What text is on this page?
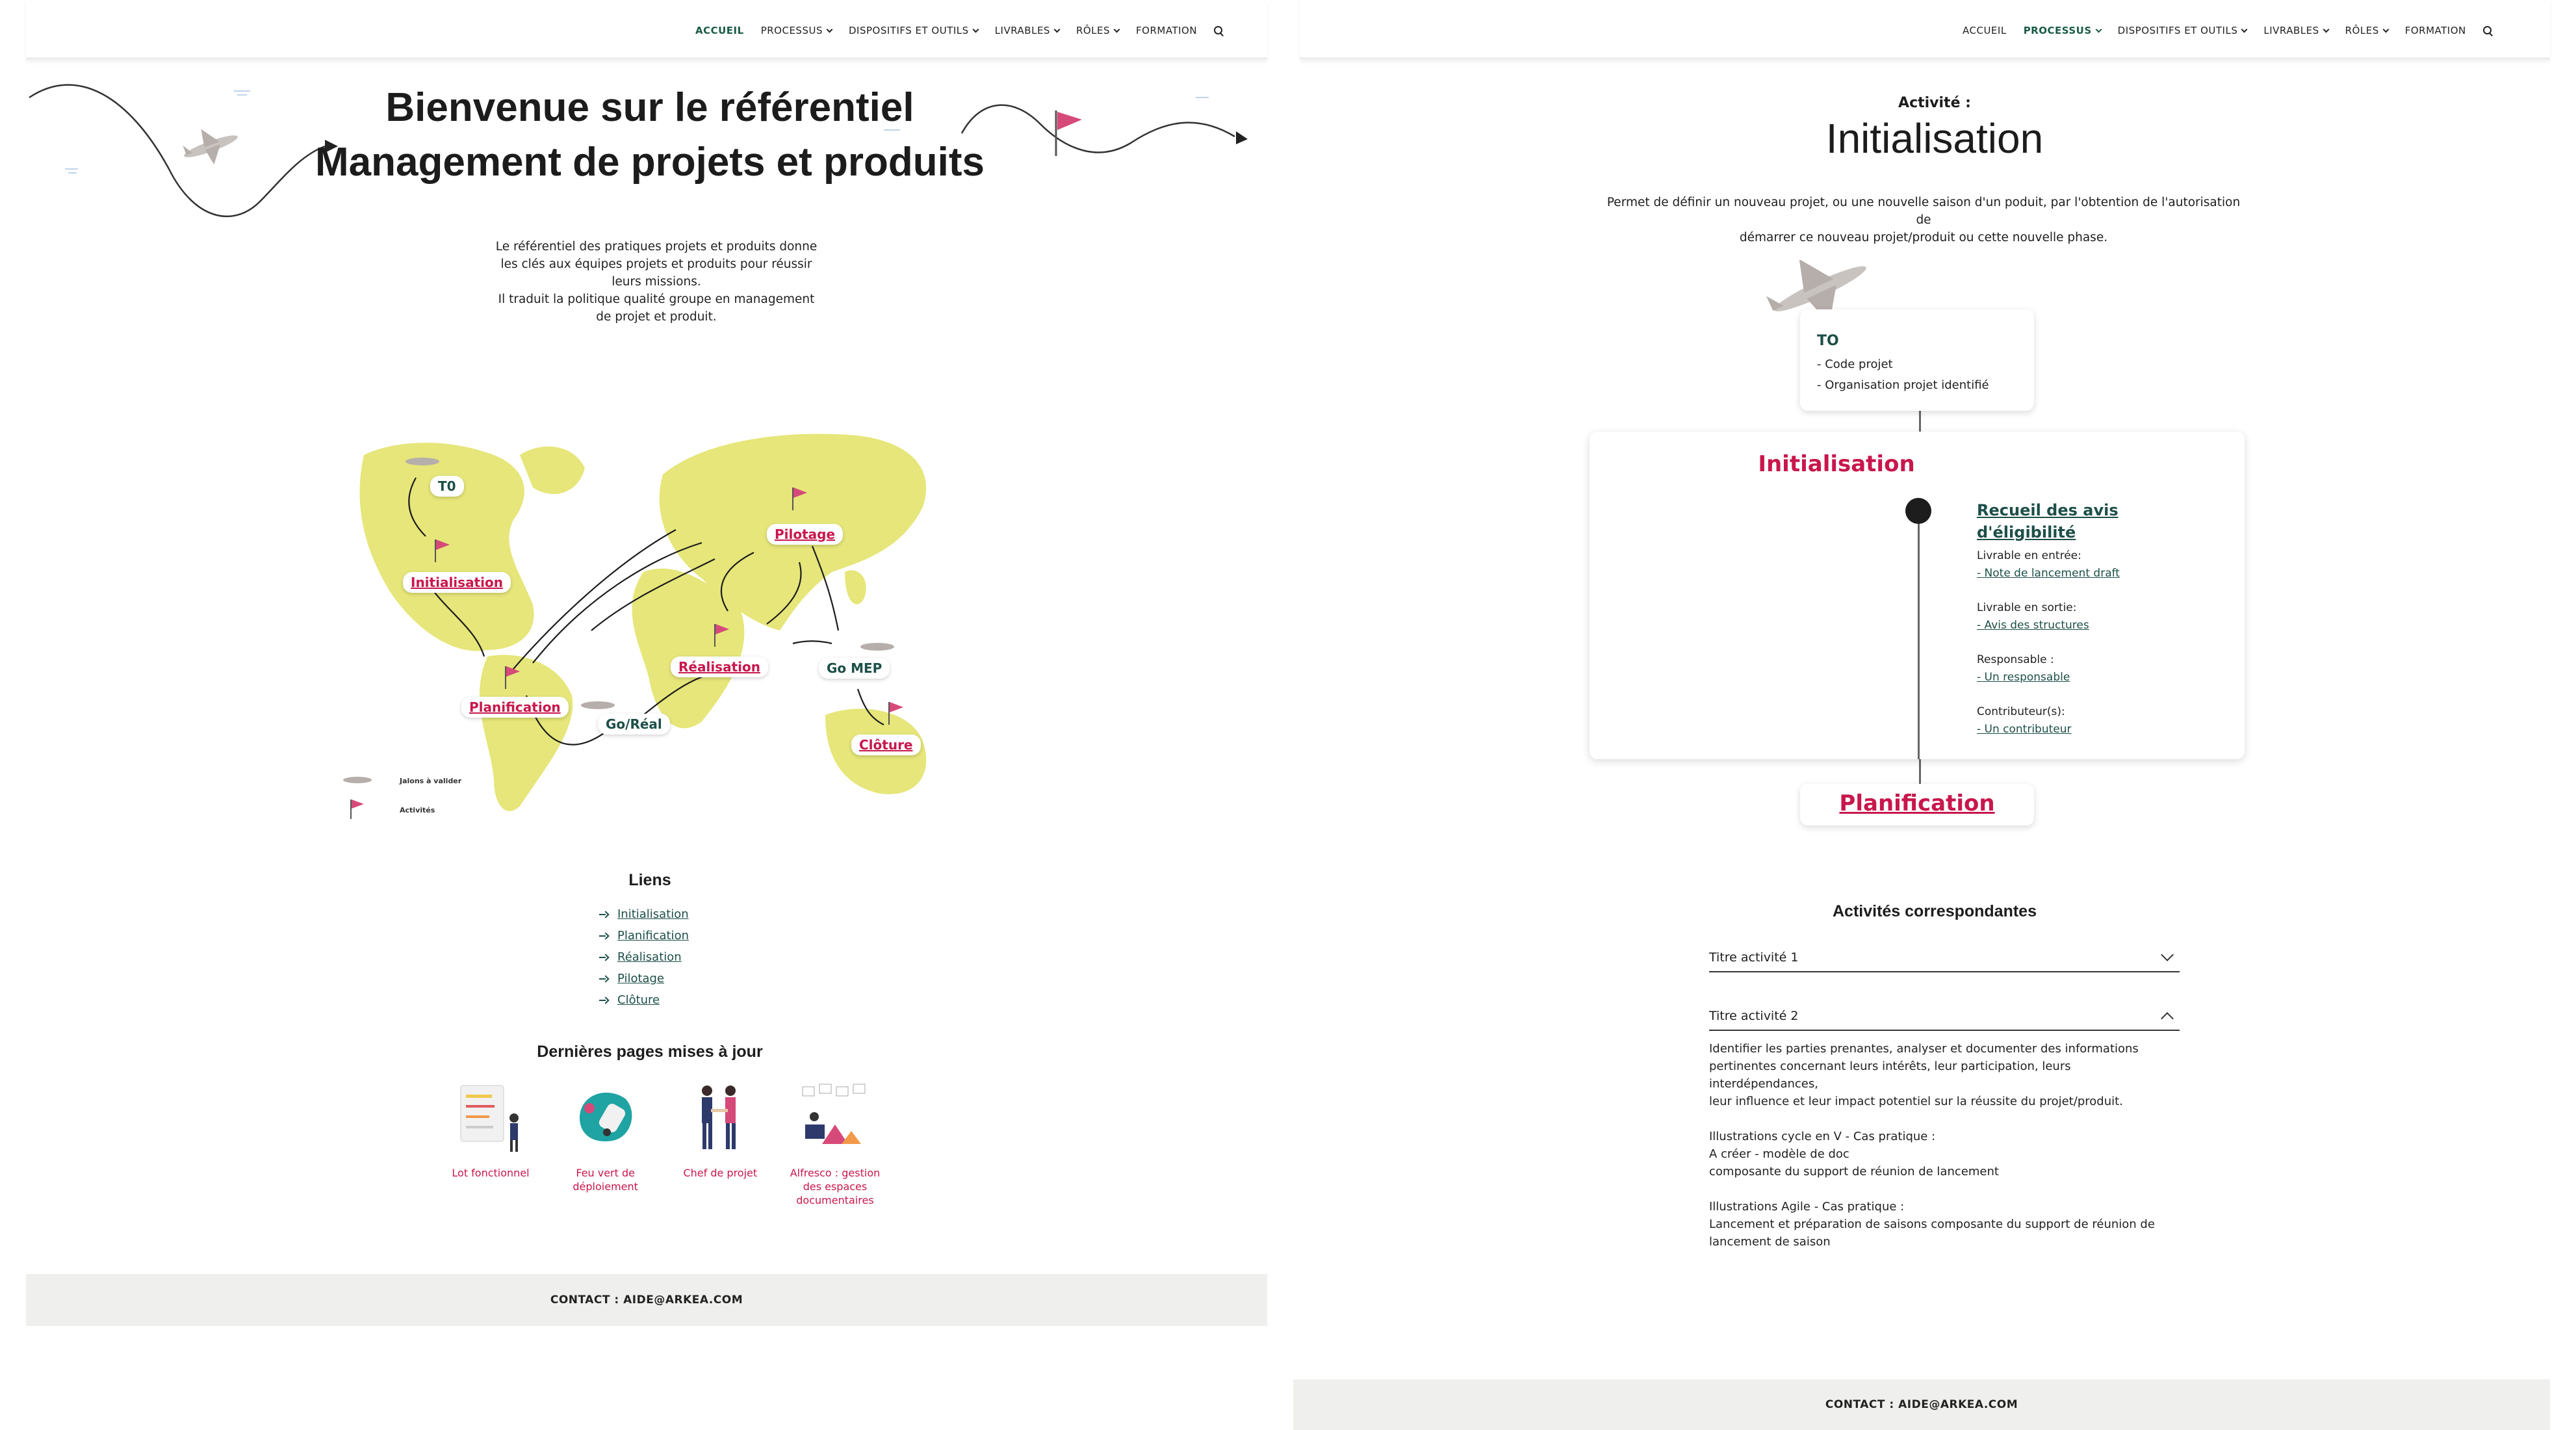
ACCUEIL PROCESSUS	DISPOSITIFS ET OUTILS	LIVRABLES	RÔLES	FORMATION
Bienvenue sur le référentiel
Management de projets et produits
Le référentiel des pratiques projets et produits donne
les clés aux équipes projets et produits pour réussir
leurs missions.
Il traduit la politique qualité groupe en management
de projet et produit.
T0
Initialisation
Pilotage
Réalisation
Planification
Go/Réal
Go MEP
Clôture
Jalons à valider
Activités
Liens
Initialisation
Planification
Réalisation
Pilotage
Clôture
Dernières pages mises à jour
Lot fonctionnel	Feu vert de
déploiement
Chef de projet	Alfresco : gestion
des espaces
documentaires
CONTACT : AIDE@ARKEA.COM
ACCUEIL PROCESSUS	DISPOSITIFS ET OUTILS	LIVRABLES	RÔLES	FORMATION
Activité :
Initialisation
Permet de définir un nouveau projet, ou une nouvelle saison d'un poduit, par l'obtention de l'autorisation de
démarrer ce nouveau projet/produit ou cette nouvelle phase.
TO
- Code projet
- Organisation projet identifié
Initialisation
Recueil des avis d'éligibilité
Livrable en entrée:
- Note de lancement draft
Livrable en sortie:
- Avis des structures
Responsable :
- Un responsable
Contributeur(s):
- Un contributeur
Planification
Activités correspondantes
Titre activité 1
Titre activité 2

Identifier les parties prenantes, analyser et documenter des informations
pertinentes concernant leurs intérêts, leur participation, leurs interdépendances,
leur influence et leur impact potentiel sur la réussite du projet/produit.

Illustrations cycle en V - Cas pratique :
A créer - modèle de doc
composante du support de réunion de lancement

Illustrations Agile - Cas pratique :
Lancement et préparation de saisons composante du support de réunion de
lancement de saison

CONTACT : AIDE@ARKEA.COM
